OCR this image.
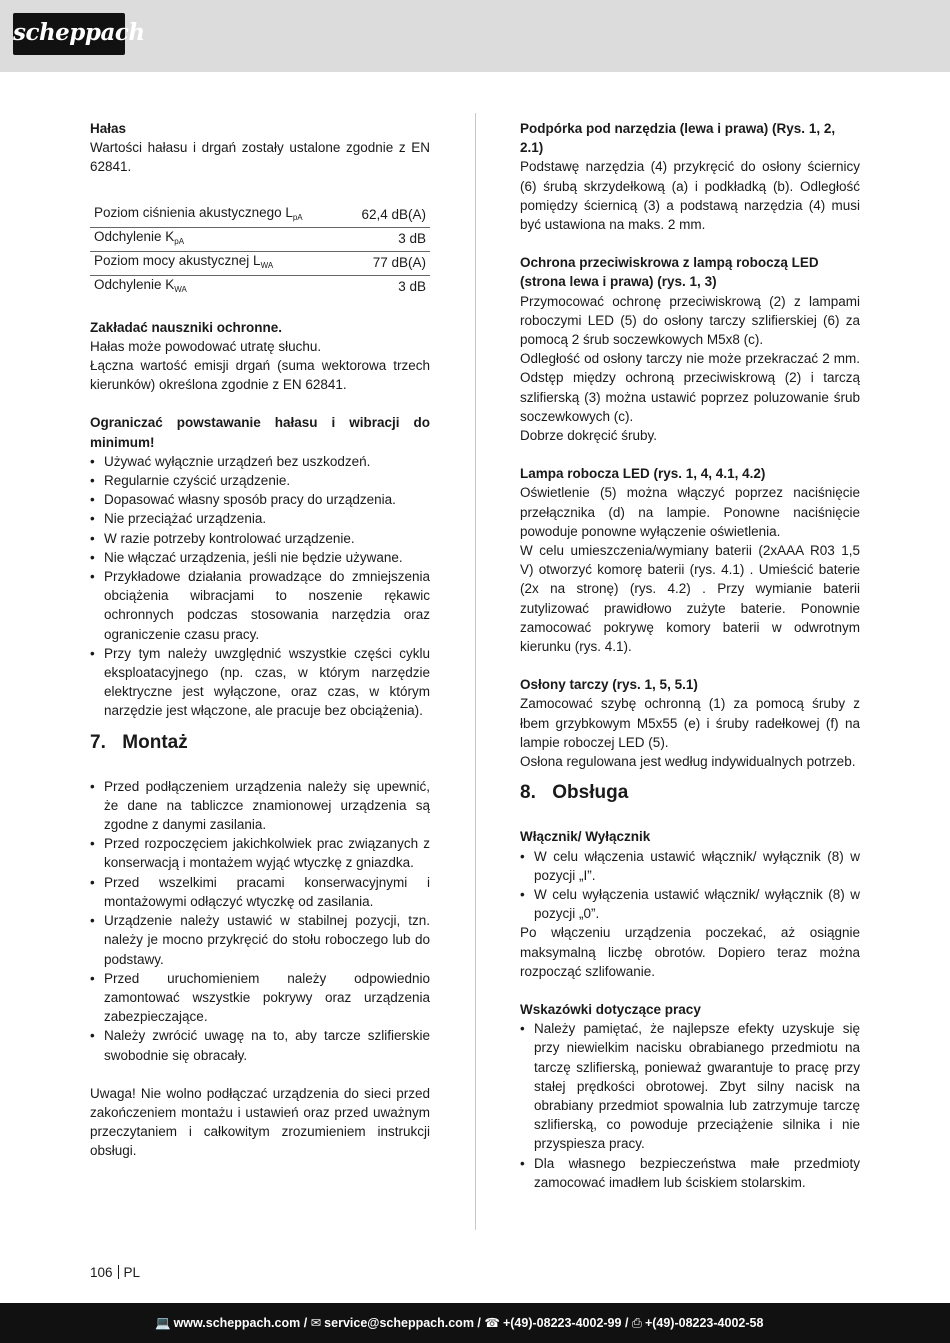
scheppach
Hałas
Wartości hałasu i drgań zostały ustalone zgodnie z EN 62841.
Poziom ciśnienia akustycznego $L_{pA}$	62,4 dB(A)
Odchylenie $K_{pA}$	3 dB
Poziom mocy akustycznej $L_{WA}$	77 dB(A)
Odchylenie $K_{WA}$	3 dB
Zakładać nauszniki ochronne.
Hałas może powodować utratę słuchu.
Łączna wartość emisji drgań (suma wektorowa trzech kierunków) określona zgodnie z EN 62841.
Ograniczać powstawanie hałasu i wibracji do minimum!
• Używać wyłącznie urządzeń bez uszkodzeń.
• Regularnie czyścić urządzenie.
• Dopasować własny sposób pracy do urządzenia.
• Nie przeciążać urządzenia.
• W razie potrzeby kontrolować urządzenie.
• Nie włączać urządzenia, jeśli nie będzie używane.
• Przykładowe działania prowadzące do zmniejszenia obciążenia wibracjami to noszenie rękawic ochronnych podczas stosowania narzędzia oraz ograniczenie czasu pracy.
• Przy tym należy uwzględnić wszystkie części cyklu eksploatacyjnego (np. czas, w którym narzędzie elektryczne jest wyłączone, oraz czas, w którym narzędzie jest włączone, ale pracuje bez obciążenia).
7. Montaż
• Przed podłączeniem urządzenia należy się upewnić, że dane na tabliczce znamionowej urządzenia są zgodne z danymi zasilania.
• Przed rozpoczęciem jakichkolwiek prac związanych z konserwacją i montażem wyjąć wtyczkę z gniazdka.
• Przed wszelkimi pracami konserwacyjnymi i montażowymi odłączyć wtyczkę od zasilania.
• Urządzenie należy ustawić w stabilnej pozycji, tzn. należy je mocno przykręcić do stołu roboczego lub do podstawy.
• Przed uruchomieniem należy odpowiednio zamontować wszystkie pokrywy oraz urządzenia zabezpieczające.
• Należy zwrócić uwagę na to, aby tarcze szlifierskie swobodnie się obracały.
Uwaga! Nie wolno podłączać urządzenia do sieci przed zakończeniem montażu i ustawień oraz przed uważnym przeczytaniem i całkowitym zrozumieniem instrukcji obsługi.
Podpórka pod narzędzia (lewa i prawa) (Rys. 1, 2, 2.1)
Podstawę narzędzia (4) przykręcić do osłony ściernicy (6) śrubą skrzydełkową (a) i podkładką (b). Odległość pomiędzy ściernicą (3) a podstawą narzędzia (4) musi być ustawiona na maks. 2 mm.
Ochrona przeciwiskrowa z lampą roboczą LED (strona lewa i prawa) (rys. 1, 3)
Przymocować ochronę przeciwiskrową (2) z lampami roboczymi LED (5) do osłony tarczy szlifierskiej (6) za pomocą 2 śrub soczewkowych M5x8 (c).
Odległość od osłony tarczy nie może przekraczać 2 mm. Odstęp między ochroną przeciwiskrową (2) i tarczą szlifierską (3) można ustawić poprzez poluzowanie śrub soczewkowych (c).
Dobrze dokręcić śruby.
Lampa robocza LED (rys. 1, 4, 4.1, 4.2)
Oświetlenie (5) można włączyć poprzez naciśnięcie przełącznika (d) na lampie. Ponowne naciśnięcie powoduje ponowne wyłączenie oświetlenia.
W celu umieszczenia/wymiany baterii (2xAAA R03 1,5 V) otworzyć komorę baterii (rys. 4.1) . Umieścić baterie (2x na stronę) (rys. 4.2) . Przy wymianie baterii zutylizować prawidłowo zużyte baterie. Ponownie zamocować pokrywę komory baterii w odwrotnym kierunku (rys. 4.1).
Osłony tarczy (rys. 1, 5, 5.1)
Zamocować szybę ochronną (1) za pomocą śruby z łbem grzybkowym M5x55 (e) i śruby radełkowej (f) na lampie roboczej LED (5).
Osłona regulowana jest według indywidualnych potrzeb.
8. Obsługa
Włącznik/ Wyłącznik
• W celu włączenia ustawić włącznik/ wyłącznik (8) w pozycji „I”.
• W celu wyłączenia ustawić włącznik/ wyłącznik (8) w pozycji „0”.
Po włączeniu urządzenia poczekać, aż osiągnie maksymalną liczbę obrotów. Dopiero teraz można rozpocząć szlifowanie.
Wskazówki dotyczące pracy
• Należy pamiętać, że najlepsze efekty uzyskuje się przy niewielkim nacisku obrabianego przedmiotu na tarczę szlifierską, ponieważ gwarantuje to pracę przy stałej prędkości obrotowej. Zbyt silny nacisk na obrabiany przedmiot spowalnia lub zatrzymuje tarczę szlifierską, co powoduje przeciążenie silnika i nie przyspiesza pracy.
• Dla własnego bezpieczeństwa małe przedmioty zamocować imadłem lub ściskiem stolarskim.
106 PL
💻 www.scheppach.com / ✉ service@scheppach.com / ☎ +(49)-08223-4002-99 / ⎙ +(49)-08223-4002-58
